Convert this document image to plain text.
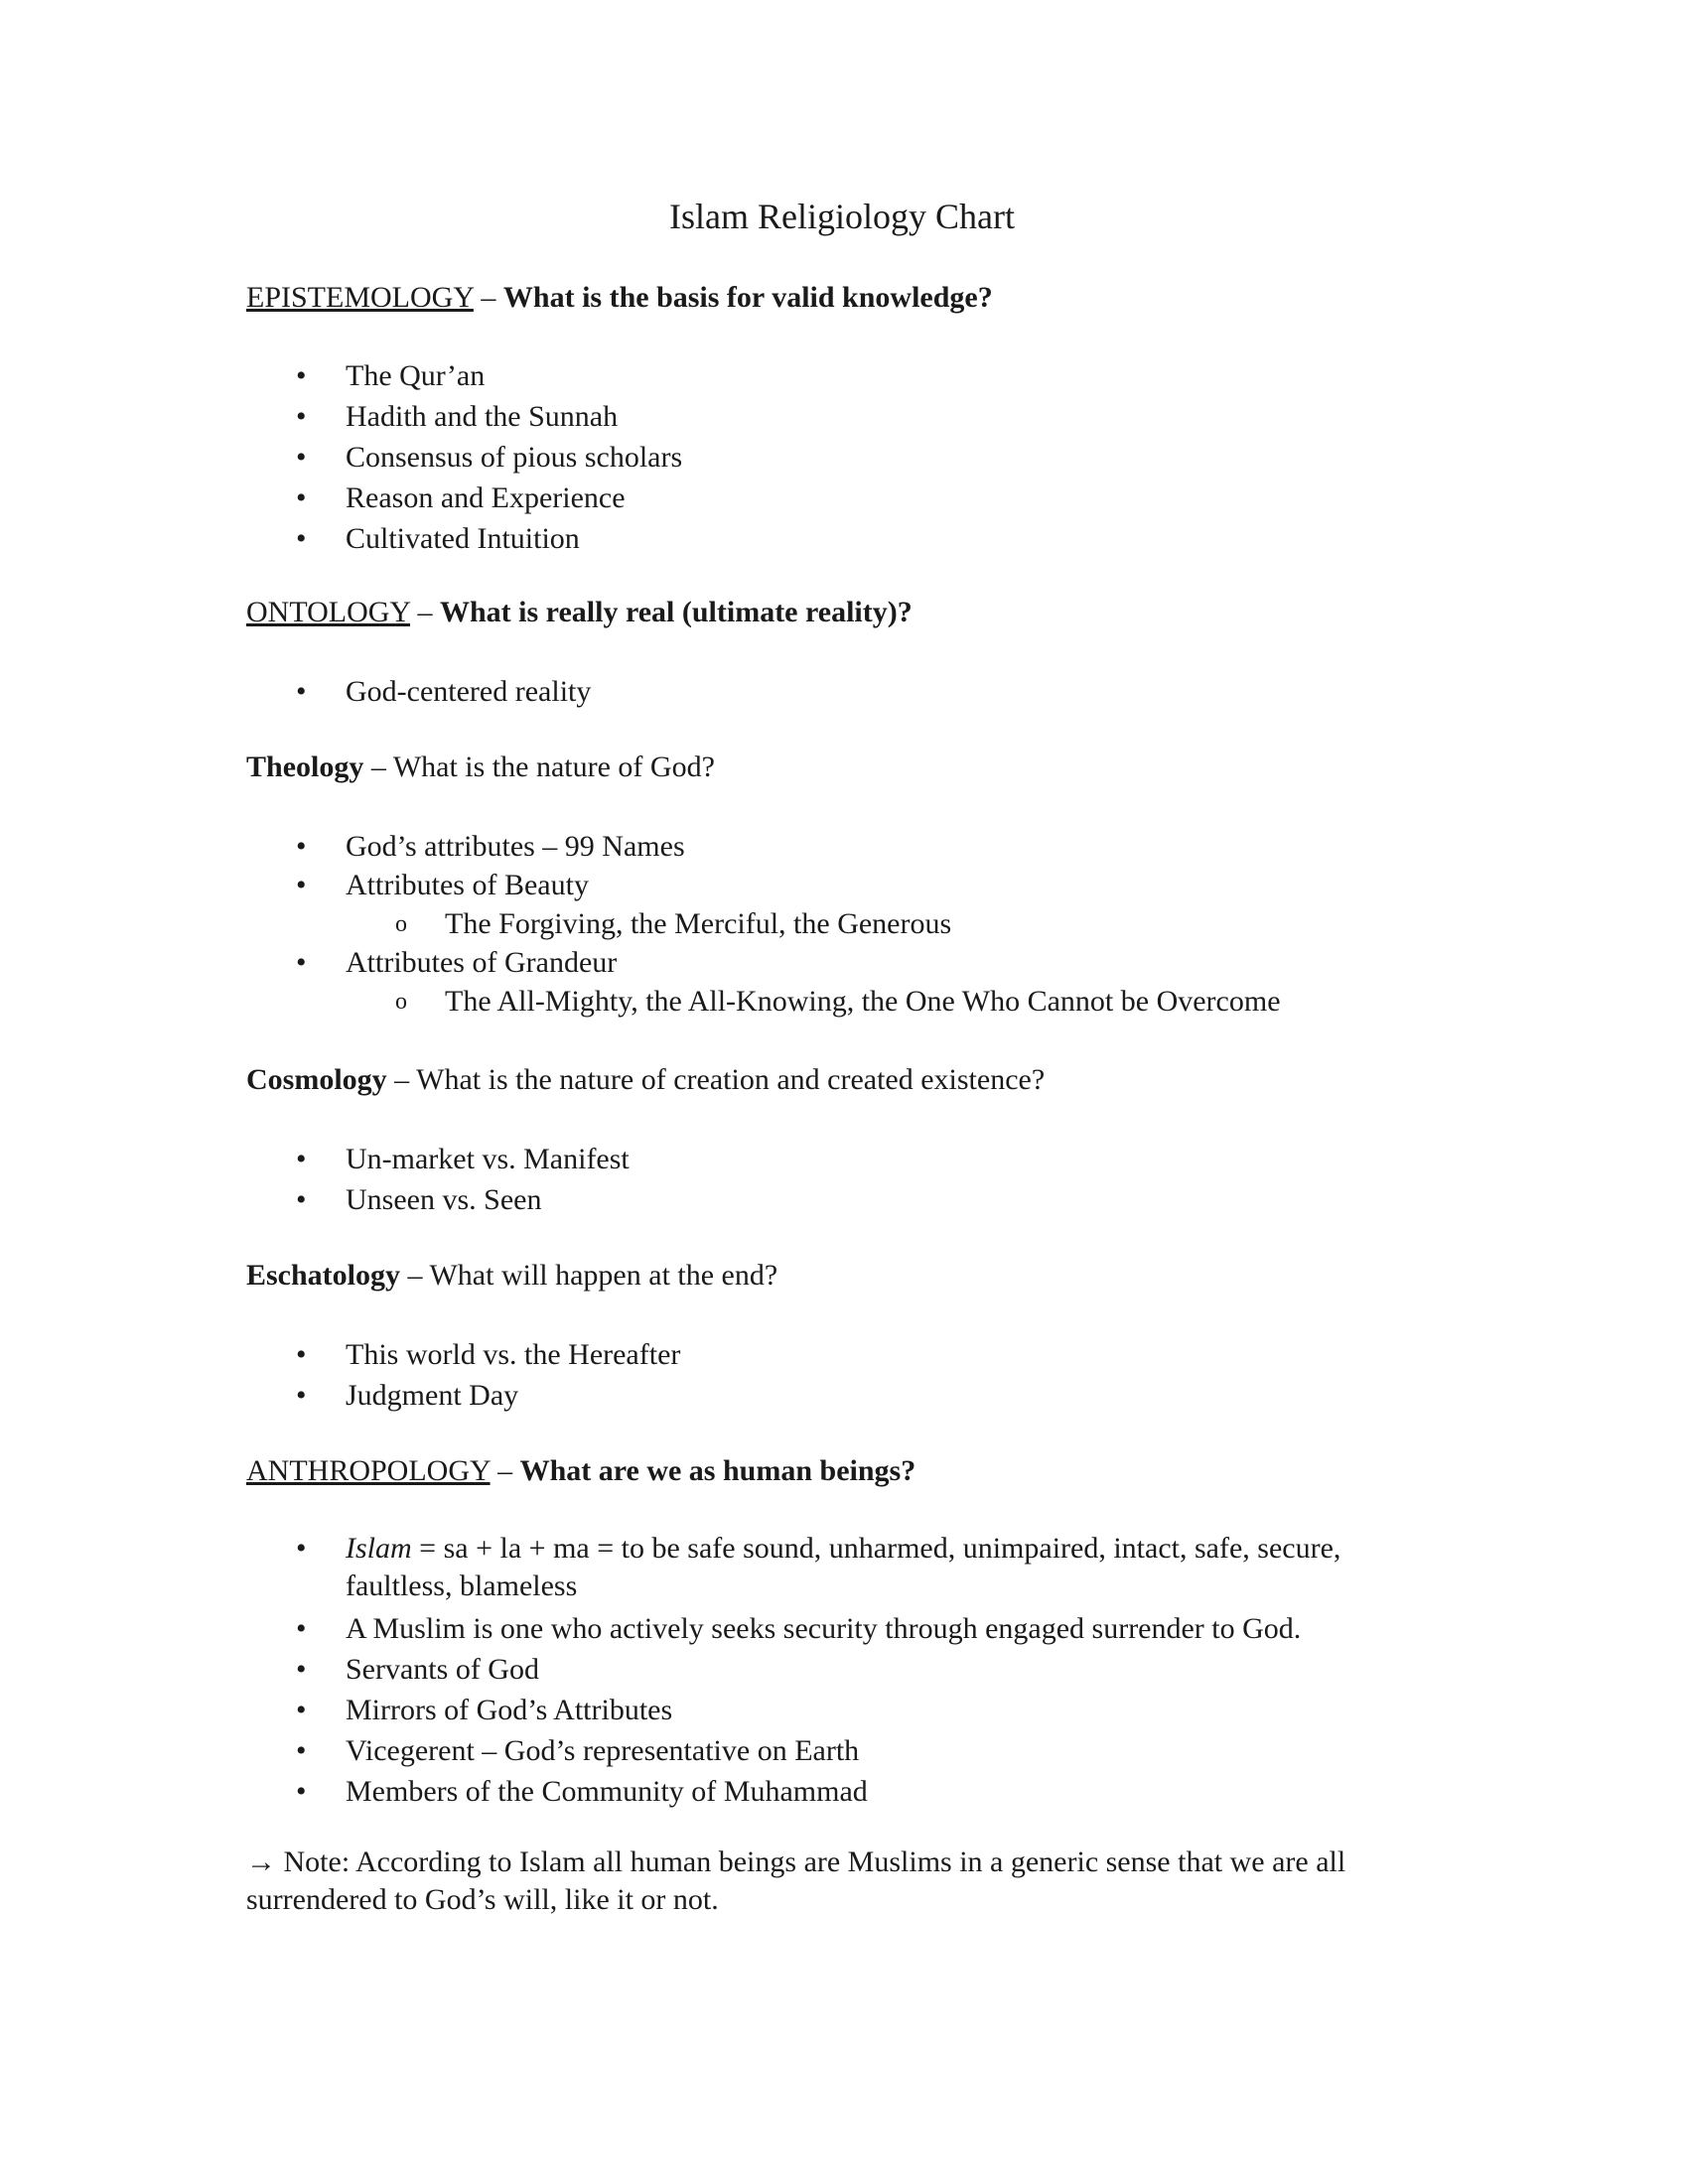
Islam Religiology Chart
EPISTEMOLOGY – What is the basis for valid knowledge?
• The Qur’an
• Hadith and the Sunnah
• Consensus of pious scholars
• Reason and Experience
• Cultivated Intuition
ONTOLOGY – What is really real (ultimate reality)?
• God-centered reality
Theology – What is the nature of God?
• God’s attributes – 99 Names
• Attributes of Beauty
o The Forgiving, the Merciful, the Generous
• Attributes of Grandeur
o The All-Mighty, the All-Knowing, the One Who Cannot be Overcome
Cosmology – What is the nature of creation and created existence?
• Un-market vs. Manifest
• Unseen vs. Seen
Eschatology – What will happen at the end?
• This world vs. the Hereafter
• Judgment Day
ANTHROPOLOGY – What are we as human beings?
• Islam = sa + la + ma = to be safe sound, unharmed, unimpaired, intact, safe, secure, faultless, blameless
• A Muslim is one who actively seeks security through engaged surrender to God.
• Servants of God
• Mirrors of God’s Attributes
• Vicegerent – God’s representative on Earth
• Members of the Community of Muhammad
→ Note: According to Islam all human beings are Muslims in a generic sense that we are all surrendered to God’s will, like it or not.
